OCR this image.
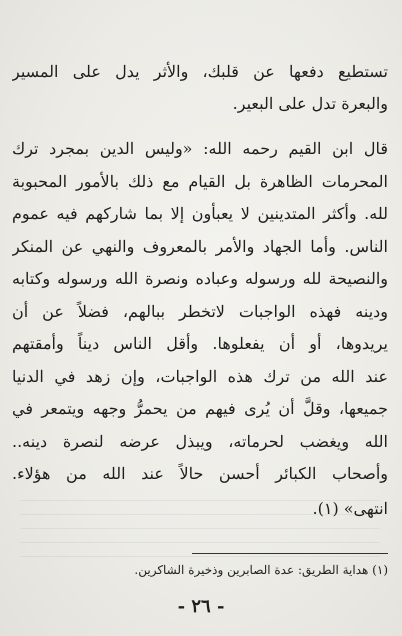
تستطيع دفعها عن قلبك، والأثر يدل على المسير
والبعرة تدل على البعير.
قال ابن القيم رحمه الله: «وليس الدين بمجرد ترك
المحرمات الظاهرة بل القيام مع ذلك بالأمور المحبوبة
لله. وأكثر المتدينين لا يعبأون إلا بما شاركهم فيه عموم
الناس. وأما الجهاد والأمر بالمعروف والنهي عن المنكر
والنصيحة لله ورسوله وعباده ونصرة الله ورسوله وكتابه
ودينه فهذه الواجبات لاتخطر ببالهم، فضلاً عن أن
يريدوها، أو أن يفعلوها. وأقل الناس ديناً وأمقتهم
عند الله من ترك هذه الواجبات، وإن زهد في الدنيا
جميعها، وقلَّ أن يُرى فيهم من يحمرُّ وجهه ويتمعر في
الله ويغضب لحرماته، ويبذل عرضه لنصرة دينه..
وأصحاب الكبائر أحسن حالاً عند الله من هؤلاء.
انتهى» (١).
(١) هداية الطريق: عدة الصابرين وذخيرة الشاكرين.
- ٢٦ -
